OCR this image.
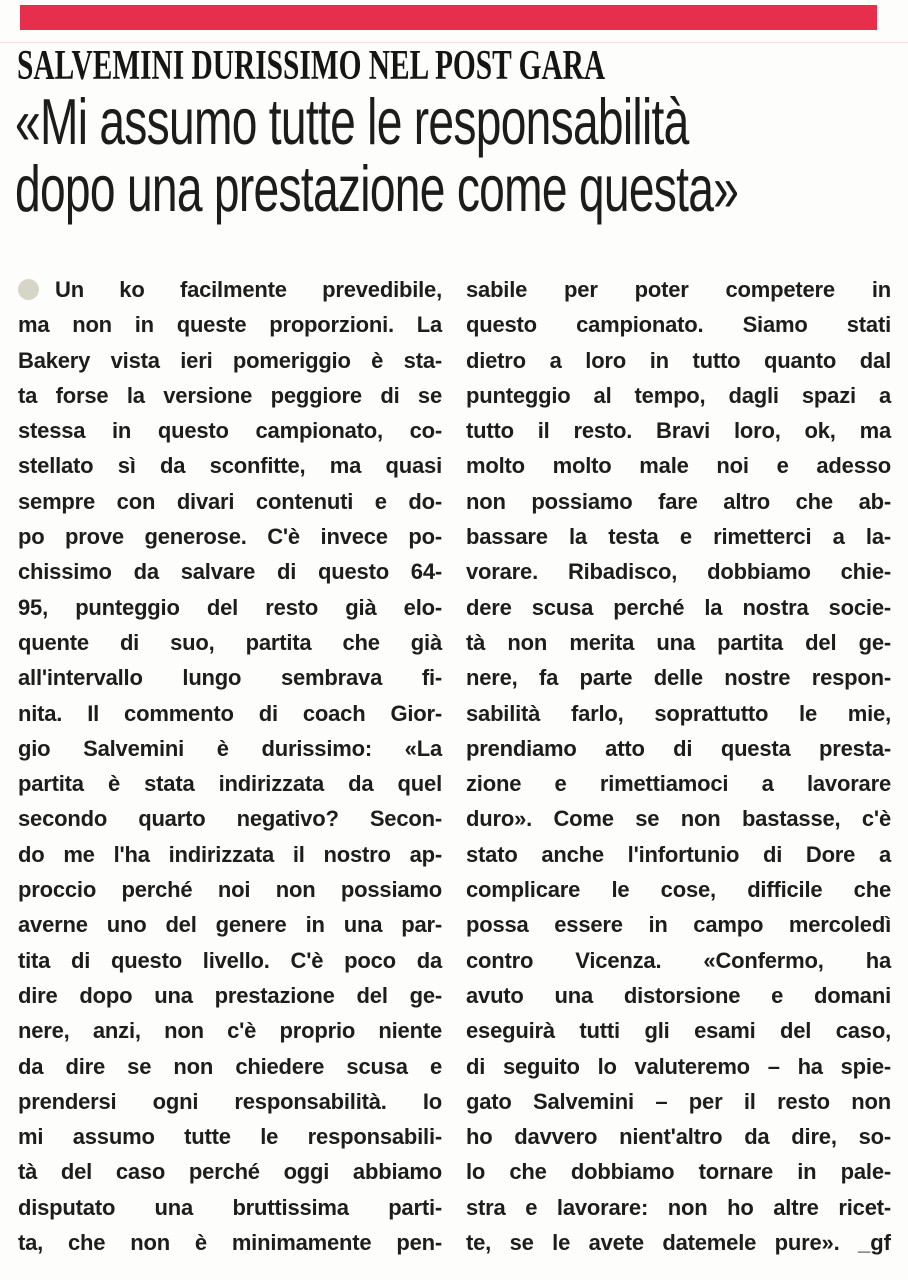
SALVEMINI DURISSIMO NEL POST GARA
«Mi assumo tutte le responsabilità
dopo una prestazione come questa»
Un ko facilmente prevedibile,
ma non in queste proporzioni. La
Bakery vista ieri pomeriggio è sta-
ta forse la versione peggiore di se
stessa in questo campionato, co-
stellato sì da sconfitte, ma quasi
sempre con divari contenuti e do-
po prove generose. C'è invece po-
chissimo da salvare di questo 64-
95, punteggio del resto già elo-
quente di suo, partita che già
all'intervallo lungo sembrava fi-
nita. Il commento di coach Gior-
gio Salvemini è durissimo: «La
partita è stata indirizzata da quel
secondo quarto negativo? Secon-
do me l'ha indirizzata il nostro ap-
proccio perché noi non possiamo
averne uno del genere in una par-
tita di questo livello. C'è poco da
dire dopo una prestazione del ge-
nere, anzi, non c'è proprio niente
da dire se non chiedere scusa e
prendersi ogni responsabilità. Io
mi assumo tutte le responsabili-
tà del caso perché oggi abbiamo
disputato una bruttissima parti-
ta, che non è minimamente pen-
sabile per poter competere in
questo campionato. Siamo stati
dietro a loro in tutto quanto dal
punteggio al tempo, dagli spazi a
tutto il resto. Bravi loro, ok, ma
molto molto male noi e adesso
non possiamo fare altro che ab-
bassare la testa e rimetterci a la-
vorare. Ribadisco, dobbiamo chie-
dere scusa perché la nostra socie-
tà non merita una partita del ge-
nere, fa parte delle nostre respon-
sabilità farlo, soprattutto le mie,
prendiamo atto di questa presta-
zione e rimettiamoci a lavorare
duro». Come se non bastasse, c'è
stato anche l'infortunio di Dore a
complicare le cose, difficile che
possa essere in campo mercoledì
contro Vicenza. «Confermo, ha
avuto una distorsione e domani
eseguirà tutti gli esami del caso,
di seguito lo valuteremo – ha spie-
gato Salvemini – per il resto non
ho davvero nient'altro da dire, so-
lo che dobbiamo tornare in pale-
stra e lavorare: non ho altre ricet-
te, se le avete datemele pure». _gf
